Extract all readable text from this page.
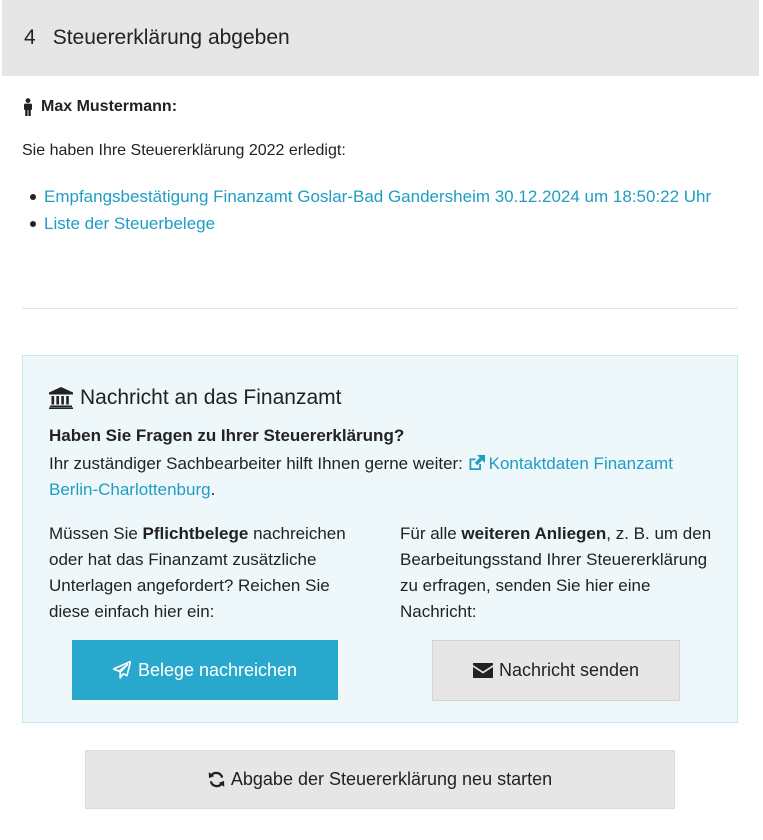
4 Steuererklärung abgeben
Max Mustermann:
Sie haben Ihre Steuererklärung 2022 erledigt:
Empfangsbestätigung Finanzamt Goslar-Bad Gandersheim 30.12.2024 um 18:50:22 Uhr
Liste der Steuerbelege
Nachricht an das Finanzamt
Haben Sie Fragen zu Ihrer Steuererklärung?
Ihr zuständiger Sachbearbeiter hilft Ihnen gerne weiter: Kontaktdaten Finanzamt Berlin-Charlottenburg.
Müssen Sie Pflichtbelege nachreichen oder hat das Finanzamt zusätzliche Unterlagen angefordert? Reichen Sie diese einfach hier ein:
Für alle weiteren Anliegen, z. B. um den Bearbeitungsstand Ihrer Steuererklärung zu erfragen, senden Sie hier eine Nachricht:
Belege nachreichen	Nachricht senden
Abgabe der Steuererklärung neu starten
